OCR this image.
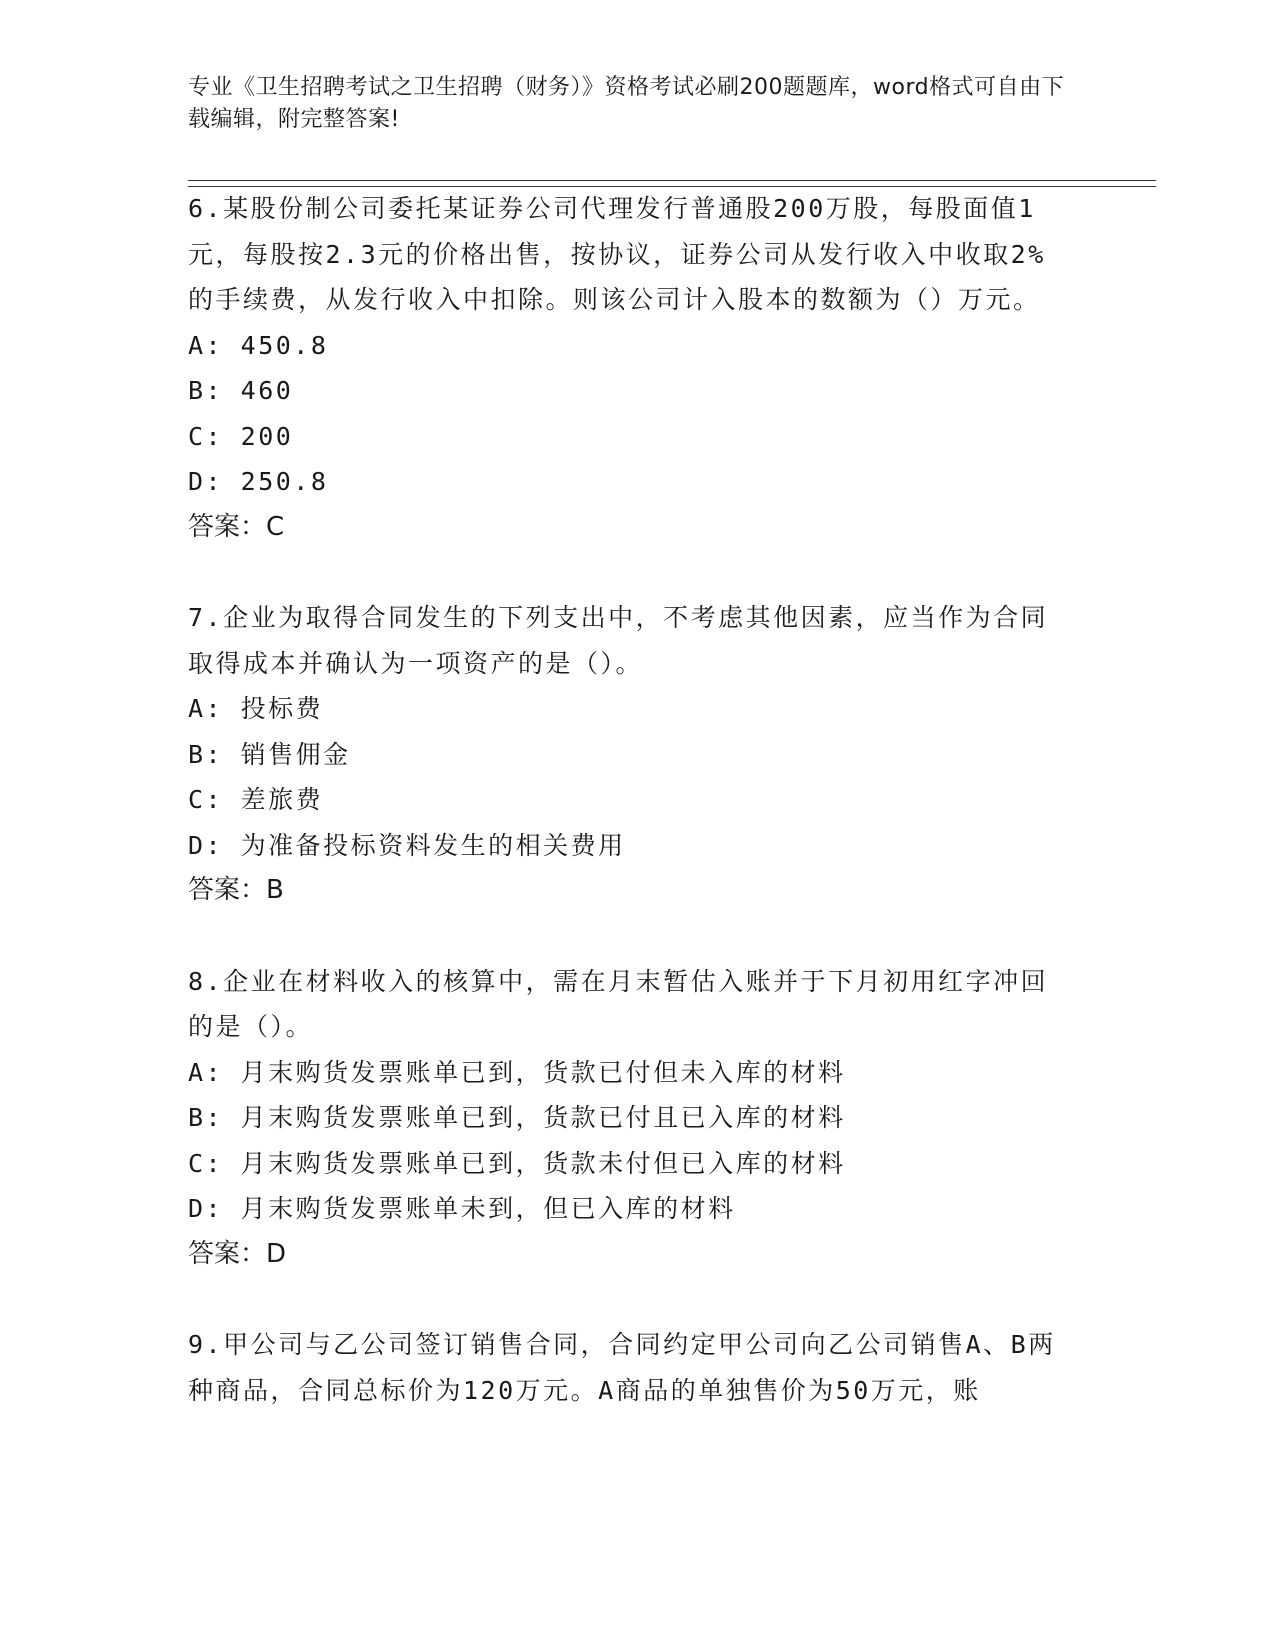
专业《卫生招聘考试之卫生招聘（财务）》资格考试必刷200题题库，word格式可自由下载编辑，附完整答案!

6.某股份制公司委托某证券公司代理发行普通股200万股，每股面值1元，每股按2.3元的价格出售，按协议，证券公司从发行收入中收取2%的手续费，从发行收入中扣除。则该公司计入股本的数额为（）万元。

A: 450.8

B: 460

C: 200

D: 250.8

答案：C

7.企业为取得合同发生的下列支出中，不考虑其他因素，应当作为合同取得成本并确认为一项资产的是（）。

A: 投标费

B: 销售佣金

C: 差旅费

D: 为准备投标资料发生的相关费用

答案：B

8.企业在材料收入的核算中，需在月末暂估入账并于下月初用红字冲回的是（）。

A: 月末购货发票账单已到，货款已付但未入库的材料

B: 月末购货发票账单已到，货款已付且已入库的材料

C: 月末购货发票账单已到，货款未付但已入库的材料

D: 月末购货发票账单未到，但已入库的材料

答案：D

9.甲公司与乙公司签订销售合同，合同约定甲公司向乙公司销售A、B两种商品，合同总标价为120万元。A商品的单独售价为50万元，账
